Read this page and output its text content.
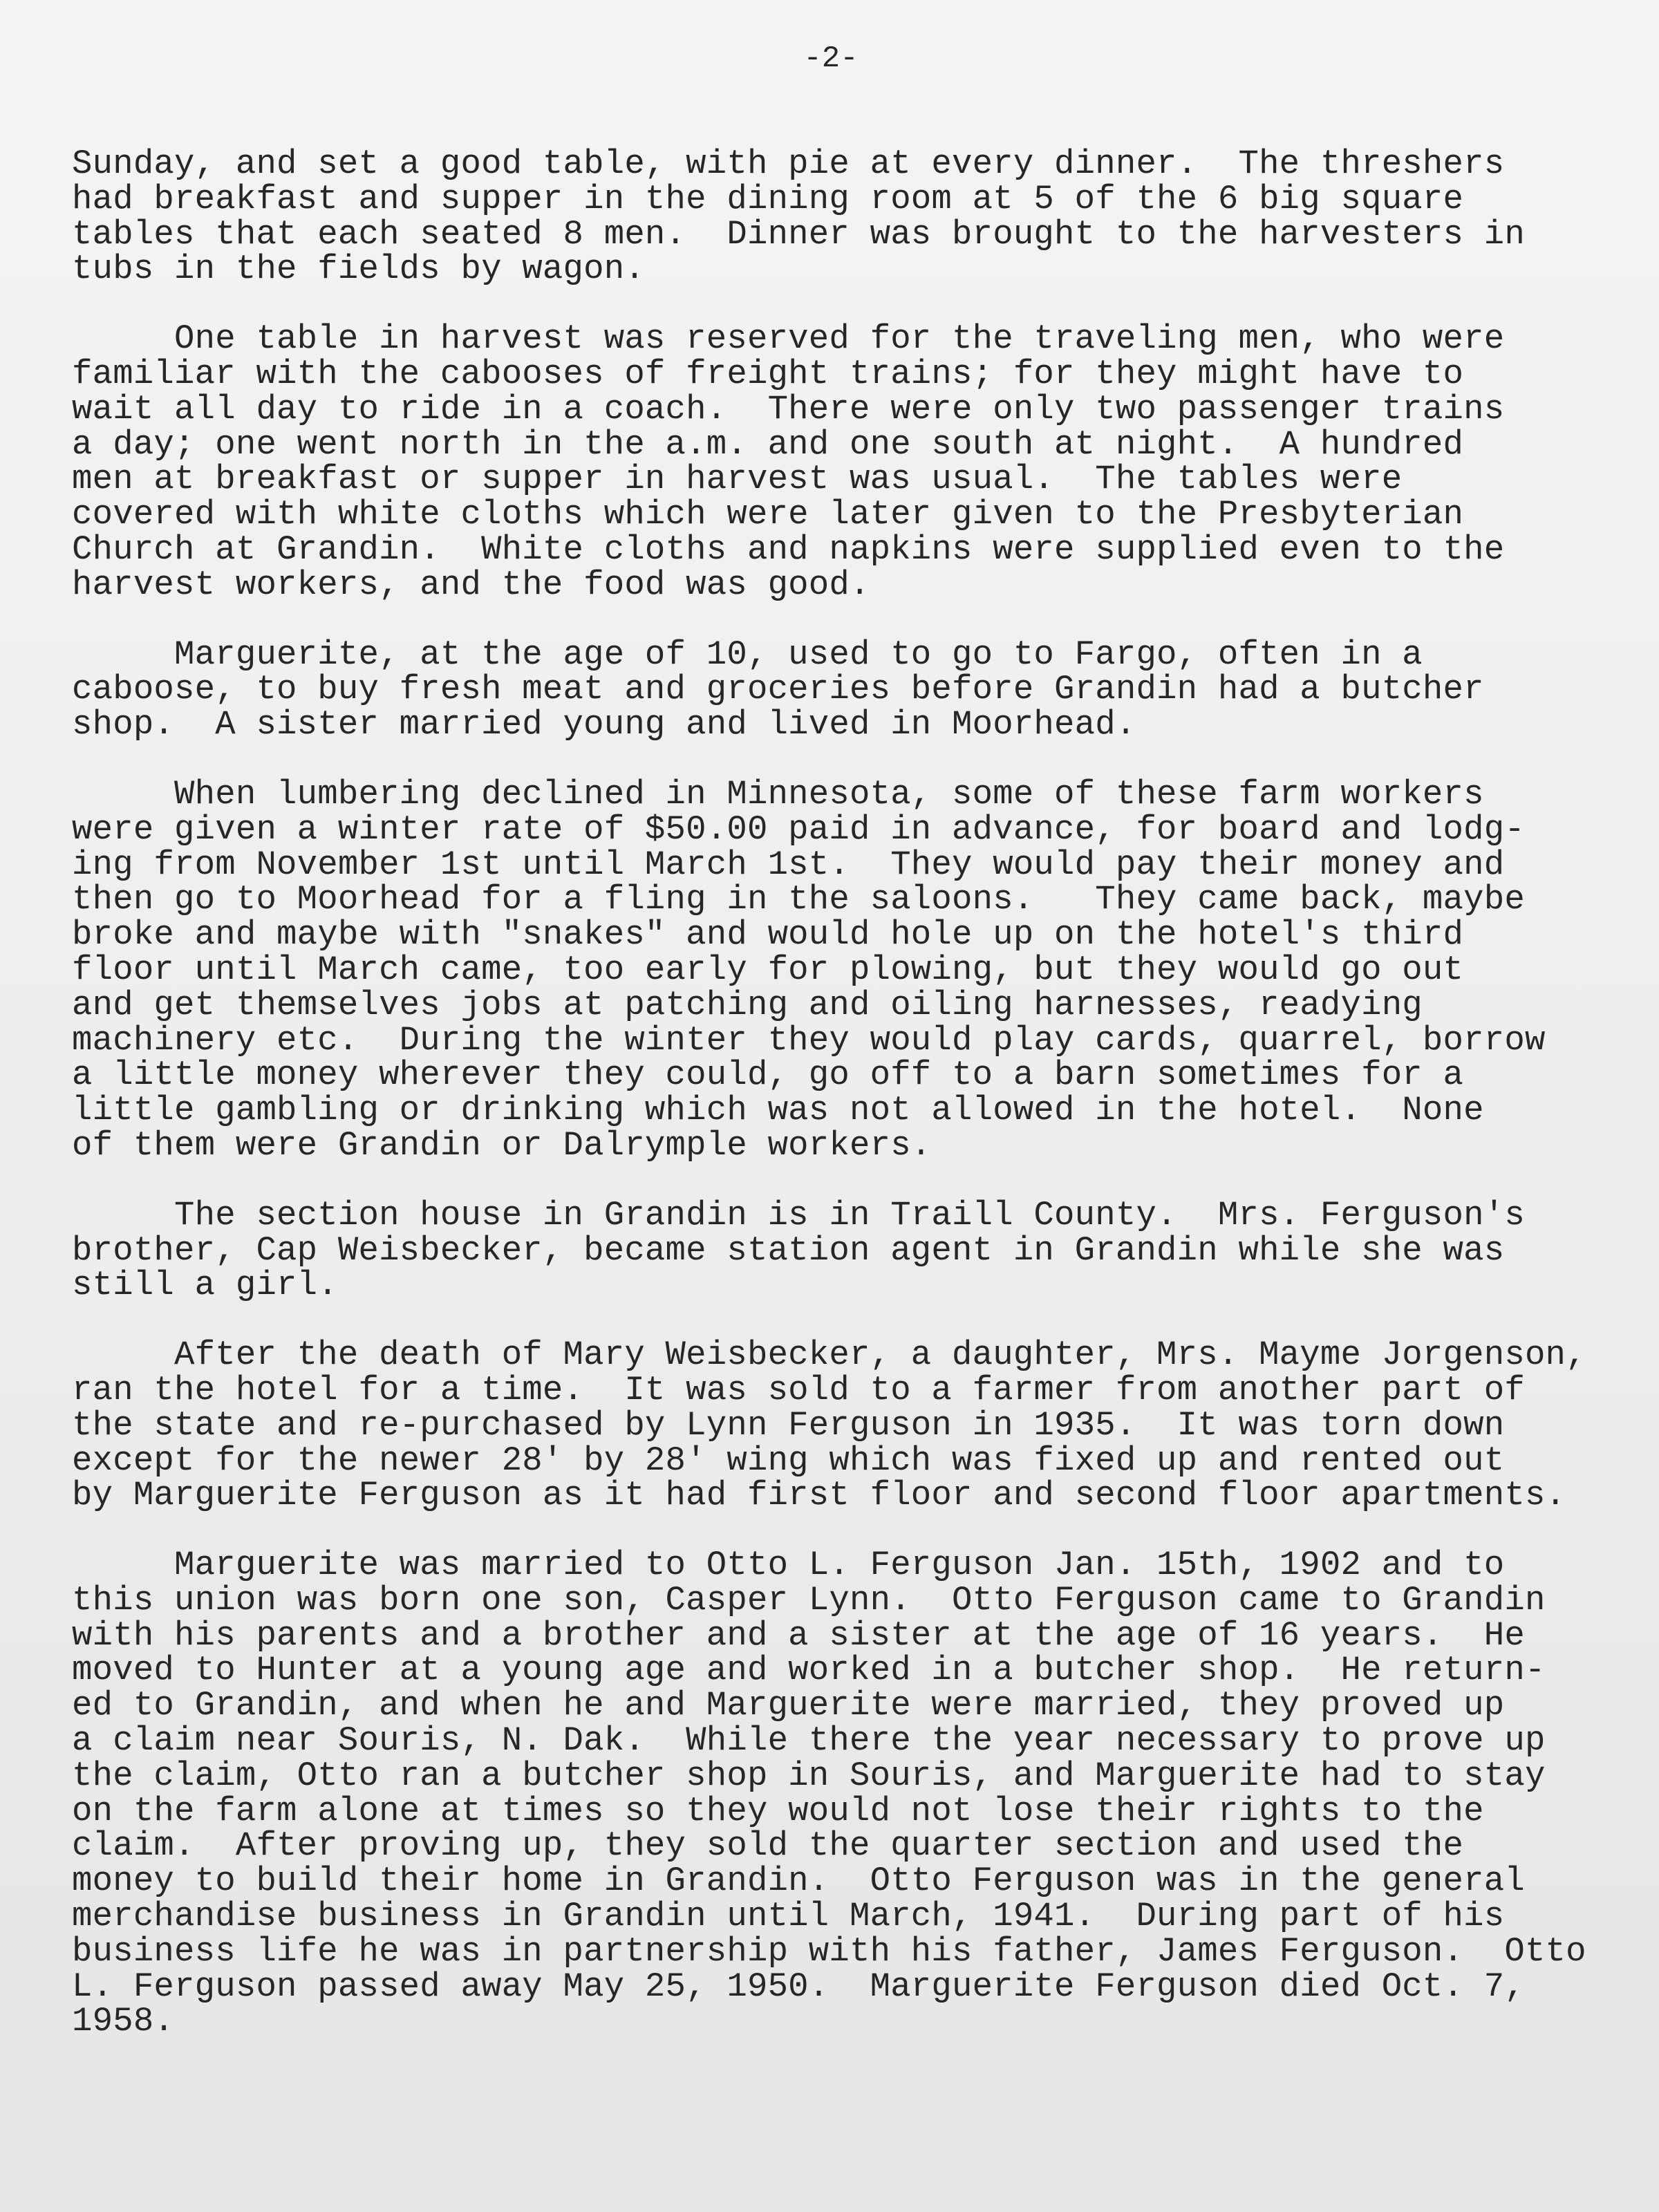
-2-
Sunday, and set a good table, with pie at every dinner.  The threshers
had breakfast and supper in the dining room at 5 of the 6 big square
tables that each seated 8 men.  Dinner was brought to the harvesters in
tubs in the fields by wagon.
One table in harvest was reserved for the traveling men, who were
familiar with the cabooses of freight trains; for they might have to
wait all day to ride in a coach.  There were only two passenger trains
a day; one went north in the a.m. and one south at night.  A hundred
men at breakfast or supper in harvest was usual.  The tables were
covered with white cloths which were later given to the Presbyterian
Church at Grandin.  White cloths and napkins were supplied even to the
harvest workers, and the food was good.
Marguerite, at the age of 10, used to go to Fargo, often in a
caboose, to buy fresh meat and groceries before Grandin had a butcher
shop.  A sister married young and lived in Moorhead.
When lumbering declined in Minnesota, some of these farm workers
were given a winter rate of $50.00 paid in advance, for board and lodg-
ing from November 1st until March 1st.  They would pay their money and
then go to Moorhead for a fling in the saloons.   They came back, maybe
broke and maybe with "snakes" and would hole up on the hotel's third
floor until March came, too early for plowing, but they would go out
and get themselves jobs at patching and oiling harnesses, readying
machinery etc.  During the winter they would play cards, quarrel, borrow
a little money wherever they could, go off to a barn sometimes for a
little gambling or drinking which was not allowed in the hotel.  None
of them were Grandin or Dalrymple workers.
The section house in Grandin is in Traill County.  Mrs. Ferguson's
brother, Cap Weisbecker, became station agent in Grandin while she was
still a girl.
After the death of Mary Weisbecker, a daughter, Mrs. Mayme Jorgenson,
ran the hotel for a time.  It was sold to a farmer from another part of
the state and re-purchased by Lynn Ferguson in 1935.  It was torn down
except for the newer 28' by 28' wing which was fixed up and rented out
by Marguerite Ferguson as it had first floor and second floor apartments.
Marguerite was married to Otto L. Ferguson Jan. 15th, 1902 and to
this union was born one son, Casper Lynn.  Otto Ferguson came to Grandin
with his parents and a brother and a sister at the age of 16 years.  He
moved to Hunter at a young age and worked in a butcher shop.  He return-
ed to Grandin, and when he and Marguerite were married, they proved up
a claim near Souris, N. Dak.  While there the year necessary to prove up
the claim, Otto ran a butcher shop in Souris, and Marguerite had to stay
on the farm alone at times so they would not lose their rights to the
claim.  After proving up, they sold the quarter section and used the
money to build their home in Grandin.  Otto Ferguson was in the general
merchandise business in Grandin until March, 1941.  During part of his
business life he was in partnership with his father, James Ferguson.  Otto
L. Ferguson passed away May 25, 1950.  Marguerite Ferguson died Oct. 7,
1958.
